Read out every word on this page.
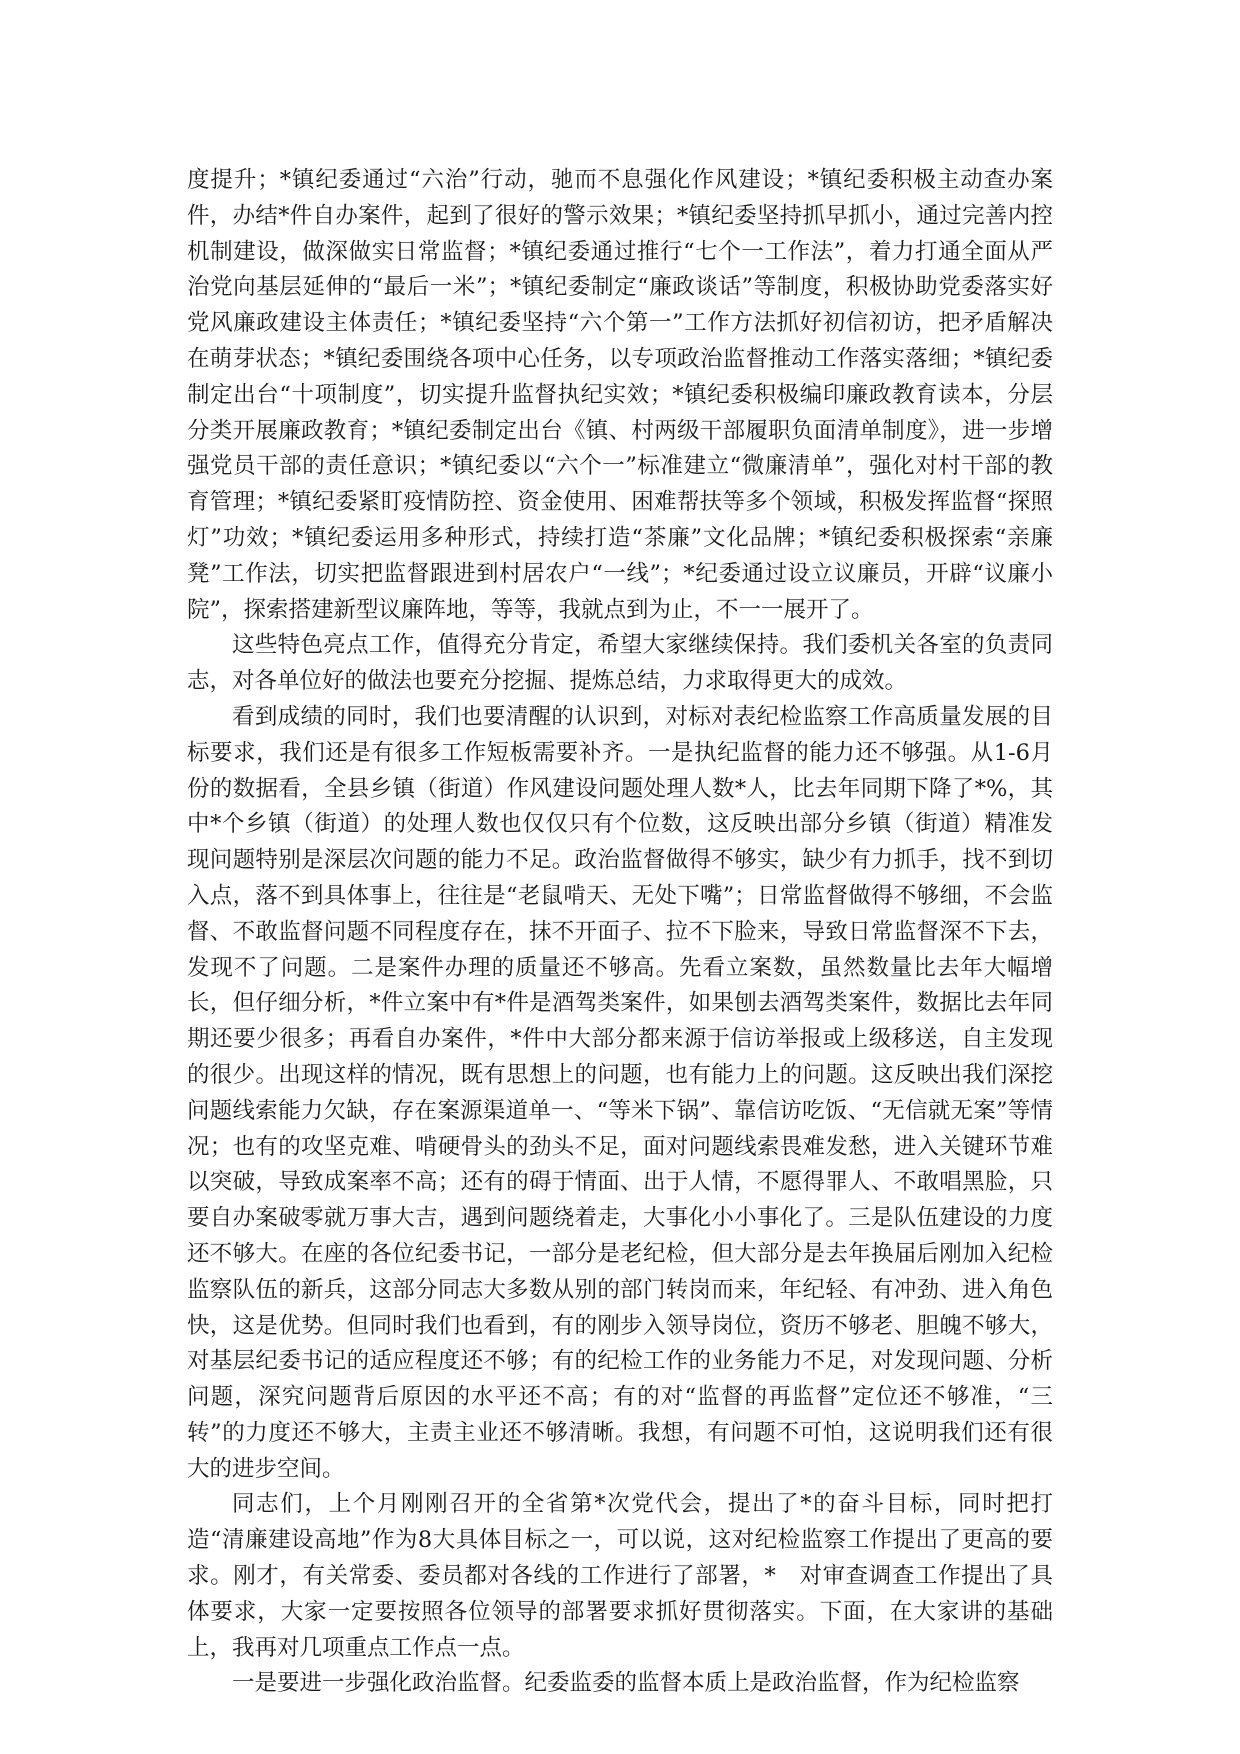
度提升；*镇纪委通过“六治”行动，驰而不息强化作风建设；*镇纪委积极主动查办案件，办结*件自办案件，起到了很好的警示效果；*镇纪委坚持抓早抓小，通过完善内控机制建设，做深做实日常监督；*镇纪委通过推行“七个一工作法”，着力打通全面从严治党向基层延伸的“最后一米”；*镇纪委制定“廉政谈话”等制度，积极协助党委落实好党风廉政建设主体责任；*镇纪委坚持“六个第一”工作方法抓好初信初访，把矛盾解决在萌芽状态；*镇纪委围绕各项中心任务，以专项政治监督推动工作落实落细；*镇纪委制定出台“十项制度”，切实提升监督执纪实效；*镇纪委积极编印廉政教育读本，分层分类开展廉政教育；*镇纪委制定出台《镇、村两级干部履职负面清单制度》，进一步增强党员干部的责任意识；*镇纪委以“六个一”标准建立“微廉清单”，强化对村干部的教育管理；*镇纪委紧盯疫情防控、资金使用、困难帮扶等多个领域，积极发挥监督“探照灯”功效；*镇纪委运用多种形式，持续打造“茶廉”文化品牌；*镇纪委积极探索“亲廉凳”工作法，切实把监督跟进到村居农户“一线”；*纪委通过设立议廉员，开辟“议廉小院”，探索搭建新型议廉阵地，等等，我就点到为止，不一一展开了。

这些特色亮点工作，值得充分肯定，希望大家继续保持。我们委机关各室的负责同志，对各单位好的做法也要充分挖掘、提炼总结，力求取得更大的成效。

看到成绩的同时，我们也要清醒的认识到，对标对表纪检监察工作高质量发展的目标要求，我们还是有很多工作短板需要补齐。一是执纪监督的能力还不够强。从1-6月份的数据看，全县乡镇（街道）作风建设问题处理人数*人，比去年同期下降了*%，其中*个乡镇（街道）的处理人数也仅仅只有个位数，这反映出部分乡镇（街道）精准发现问题特别是深层次问题的能力不足。政治监督做得不够实，缺少有力抓手，找不到切入点，落不到具体事上，往往是“老鼠啃天、无处下嘴”；日常监督做得不够细，不会监督、不敢监督问题不同程度存在，抹不开面子、拉不下脸来，导致日常监督深不下去，发现不了问题。二是案件办理的质量还不够高。先看立案数，虽然数量比去年大幅增长，但仔细分析，*件立案中有*件是酒驾类案件，如果刨去酒驾类案件，数据比去年同期还要少很多；再看自办案件，*件中大部分都来源于信访举报或上级移送，自主发现的很少。出现这样的情况，既有思想上的问题，也有能力上的问题。这反映出我们深挖问题线索能力欠缺，存在案源渠道单一、“等米下锅”、靠信访吃饭、“无信就无案”等情况；也有的攻坚克难、啃硬骨头的劲头不足，面对问题线索畏难发愁，进入关键环节难以突破，导致成案率不高；还有的碍于情面、出于人情，不愿得罪人、不敢唱黑脸，只要自办案破零就万事大吉，遇到问题绕着走，大事化小小事化了。三是队伍建设的力度还不够大。在座的各位纪委书记，一部分是老纪检，但大部分是去年换届后刚加入纪检监察队伍的新兵，这部分同志大多数从别的部门转岗而来，年纪轻、有冲劲、进入角色快，这是优势。但同时我们也看到，有的刚步入领导岗位，资历不够老、胆魄不够大，对基层纪委书记的适应程度还不够；有的纪检工作的业务能力不足，对发现问题、分析问题，深究问题背后原因的水平还不高；有的对“监督的再监督”定位还不够准，“三转”的力度还不够大，主责主业还不够清晰。我想，有问题不可怕，这说明我们还有很大的进步空间。

同志们，上个月刚刚召开的全省第*次党代会，提出了*的奋斗目标，同时把打造“清廉建设高地”作为8大具体目标之一，可以说，这对纪检监察工作提出了更高的要求。刚才，有关常委、委员都对各线的工作进行了部署，*　对审查调查工作提出了具体要求，大家一定要按照各位领导的部署要求抓好贯彻落实。下面，在大家讲的基础上，我再对几项重点工作点一点。

一是要进一步强化政治监督。纪委监委的监督本质上是政治监督，作为纪检监察
